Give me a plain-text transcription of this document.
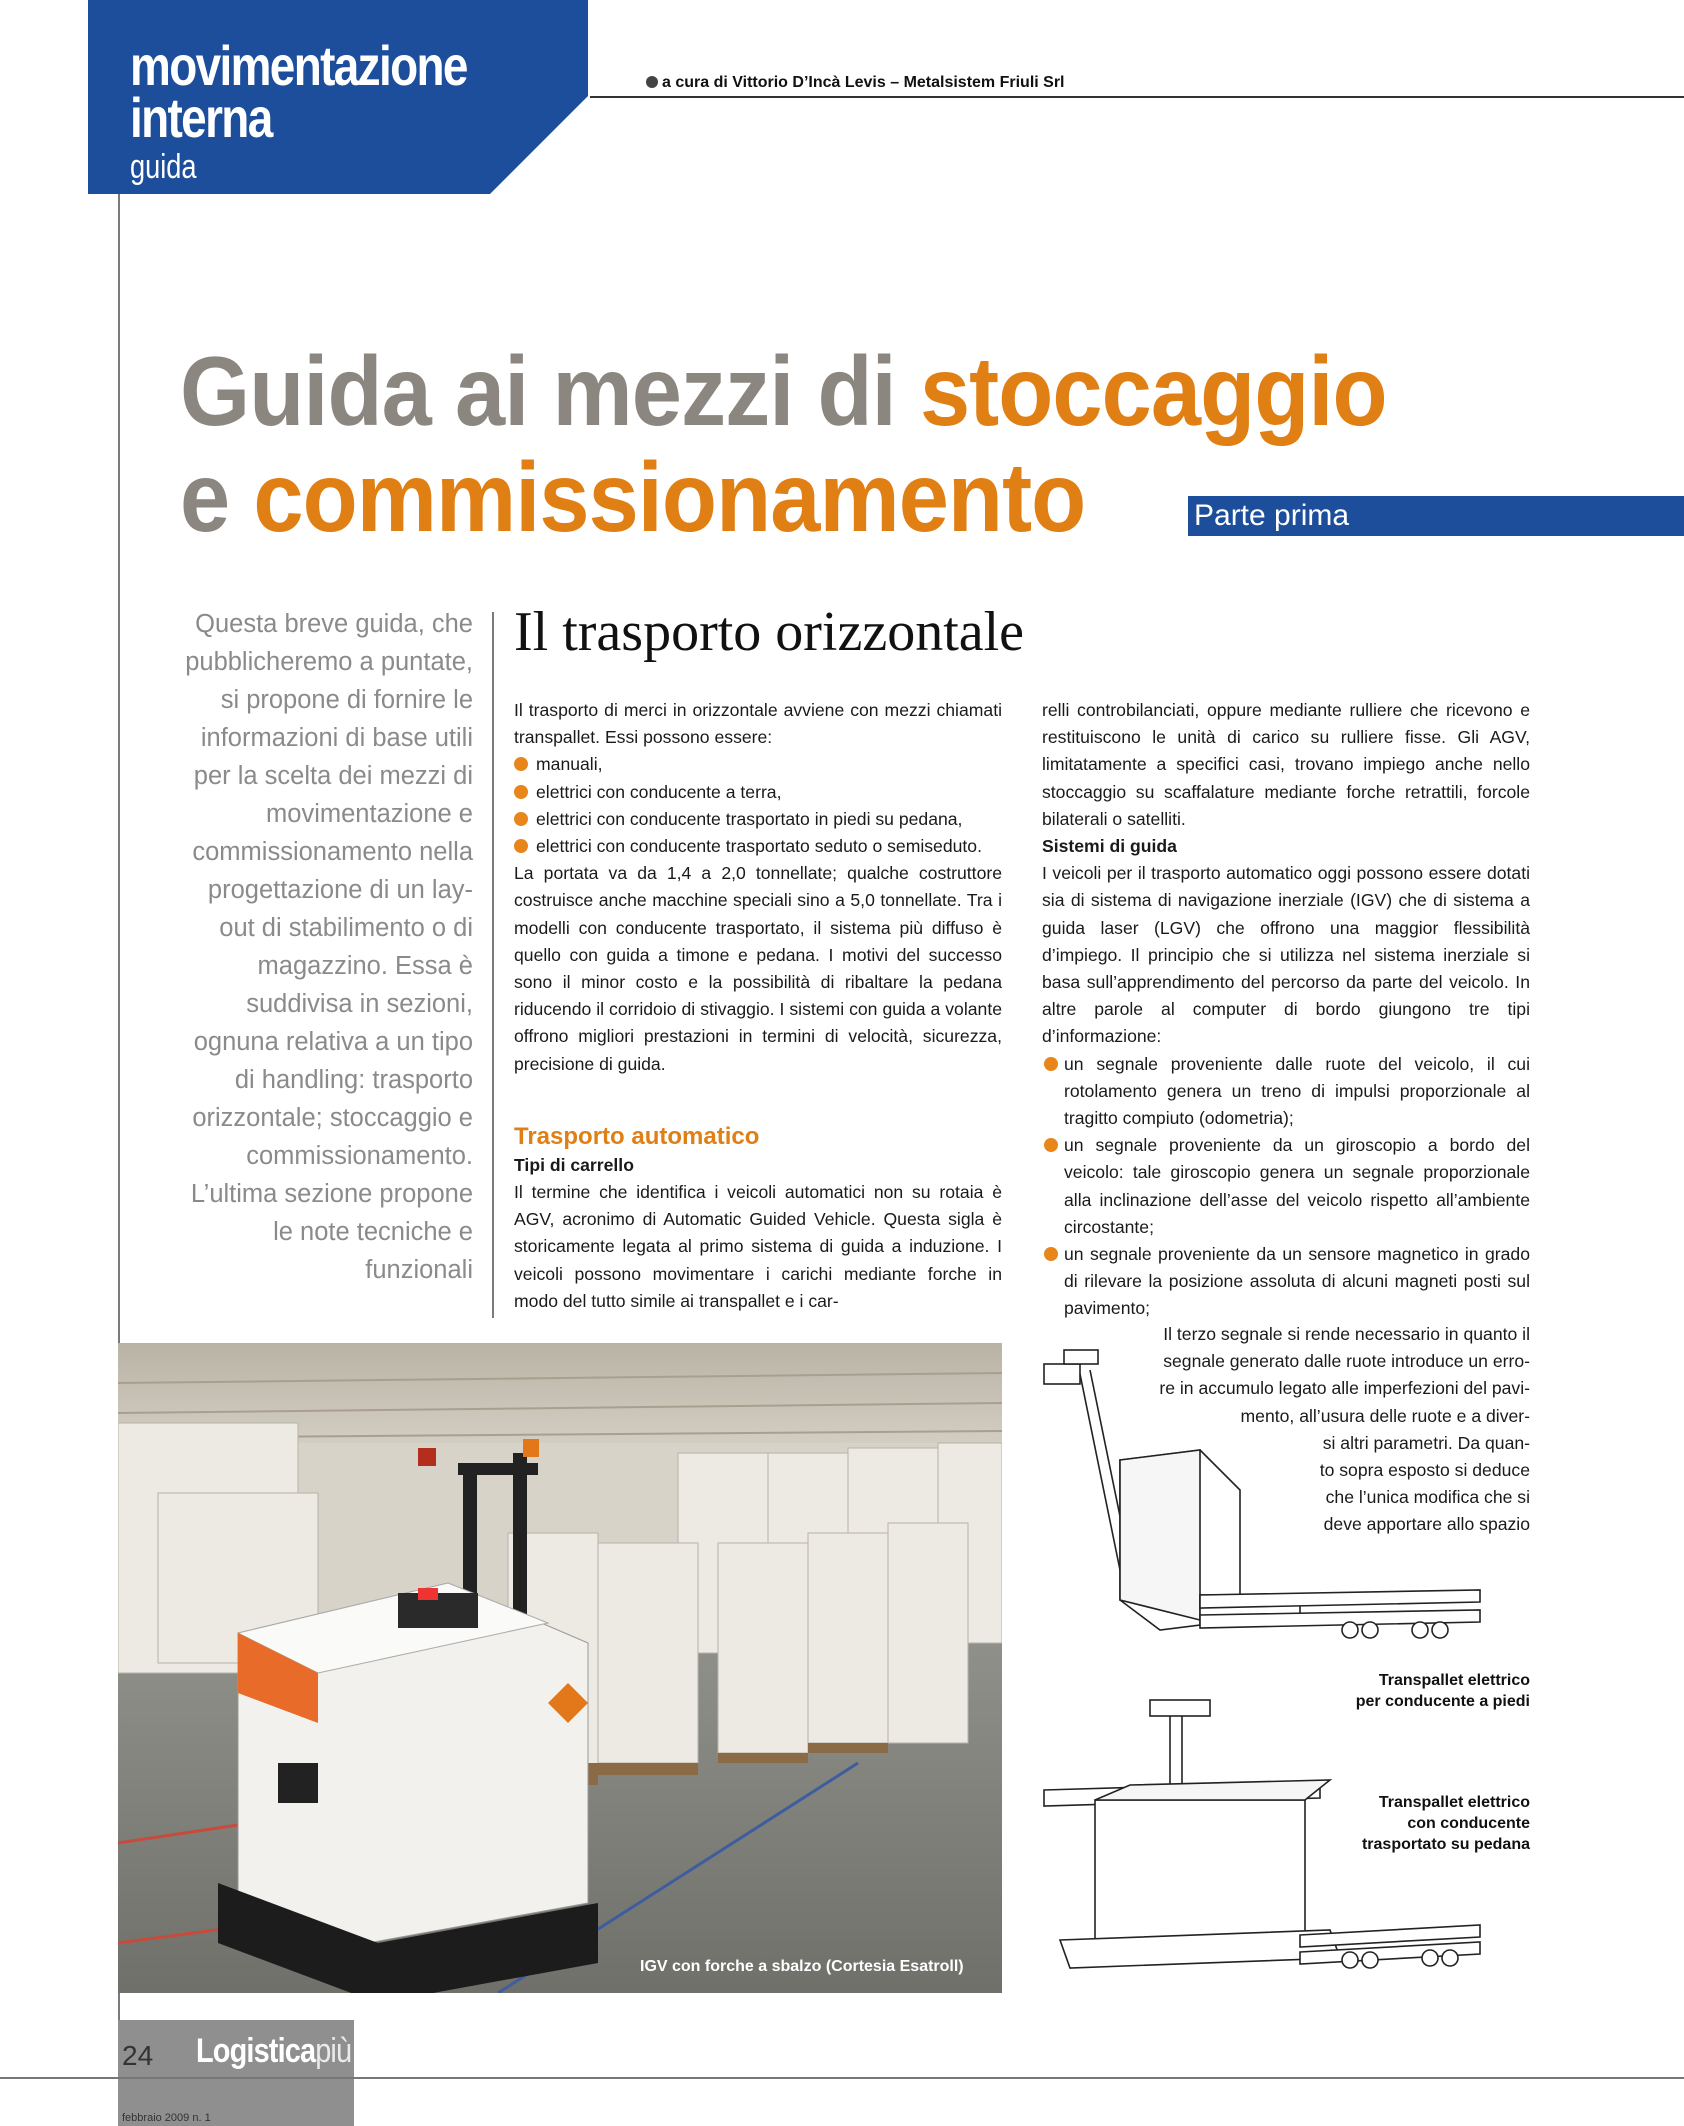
movimentazione
interna
guida
a cura di Vittorio D’Incà Levis – Metalsistem Friuli Srl
Guida ai mezzi di stoccaggio
e commissionamento	Parte prima
Questa breve guida, che pubblicheremo a puntate, si propone di fornire le informazioni di base utili per la scelta dei mezzi di movimentazione e commissionamento nella progettazione di un lay-out di stabilimento o di magazzino. Essa è suddivisa in sezioni, ognuna relativa a un tipo di handling: trasporto orizzontale; stoccaggio e commissionamento. L’ultima sezione propone le note tecniche e funzionali
Il trasporto orizzontale

Il trasporto di merci in orizzontale avviene con mezzi chiamati transpallet. Essi possono essere:

manuali,
elettrici con conducente a terra,
elettrici con conducente trasportato in piedi su pedana,
elettrici con conducente trasportato seduto o semiseduto.

La portata va da 1,4 a 2,0 tonnellate; qualche costruttore costruisce anche macchine speciali sino a 5,0 tonnellate. Tra i modelli con conducente trasportato, il sistema più diffuso è quello con guida a timone e pedana. I motivi del successo sono il minor costo e la possibilità di ribaltare la pedana riducendo il corridoio di stivaggio. I sistemi con guida a volante offrono migliori prestazioni in termini di velocità, sicurezza, precisione di guida.

Trasporto automatico
Tipi di carrello

Il termine che identifica i veicoli automatici non su rotaia è AGV, acronimo di Automatic Guided Vehicle. Questa sigla è storicamente legata al primo sistema di guida a induzione. I veicoli possono movimentare i carichi mediante forche in modo del tutto simile ai transpallet e i car-

relli controbilanciati, oppure mediante rulliere che ricevono e restituiscono le unità di carico su rulliere fisse. Gli AGV, limitatamente a specifici casi, trovano impiego anche nello stoccaggio su scaffalature mediante forche retrattili, forcole bilaterali o satelliti.

Sistemi di guida

I veicoli per il trasporto automatico oggi possono essere dotati sia di sistema di navigazione inerziale (IGV) che di sistema a guida laser (LGV) che offrono una maggior flessibilità d’impiego. Il principio che si utilizza nel sistema inerziale si basa sull’apprendimento del percorso da parte del veicolo. In altre parole al computer di bordo giungono tre tipi d’informazione:

un segnale proveniente dalle ruote del veicolo, il cui rotolamento genera un treno di impulsi proporzionale al tragitto compiuto (odometria);
un segnale proveniente da un giroscopio a bordo del veicolo: tale giroscopio genera un segnale proporzionale alla inclinazione dell’asse del veicolo rispetto all’ambiente circostante;
un segnale proveniente da un sensore magnetico in grado di rilevare la posizione assoluta di alcuni magneti posti sul pavimento;
Il terzo segnale si rende necessario in quanto il
segnale generato dalle ruote introduce un erro-
re in accumulo legato alle imperfezioni del pavi-
mento, all’usura delle ruote e a diver-
si altri parametri. Da quan-
to sopra esposto si deduce
che l’unica modifica che si
deve apportare allo spazio
IGV con forche a sbalzo (Cortesia Esatroll)
Transpallet elettrico
per conducente a piedi
Transpallet elettrico
con conducente
trasportato su pedana
24 Logisticapiù
febbraio 2009 n. 1
